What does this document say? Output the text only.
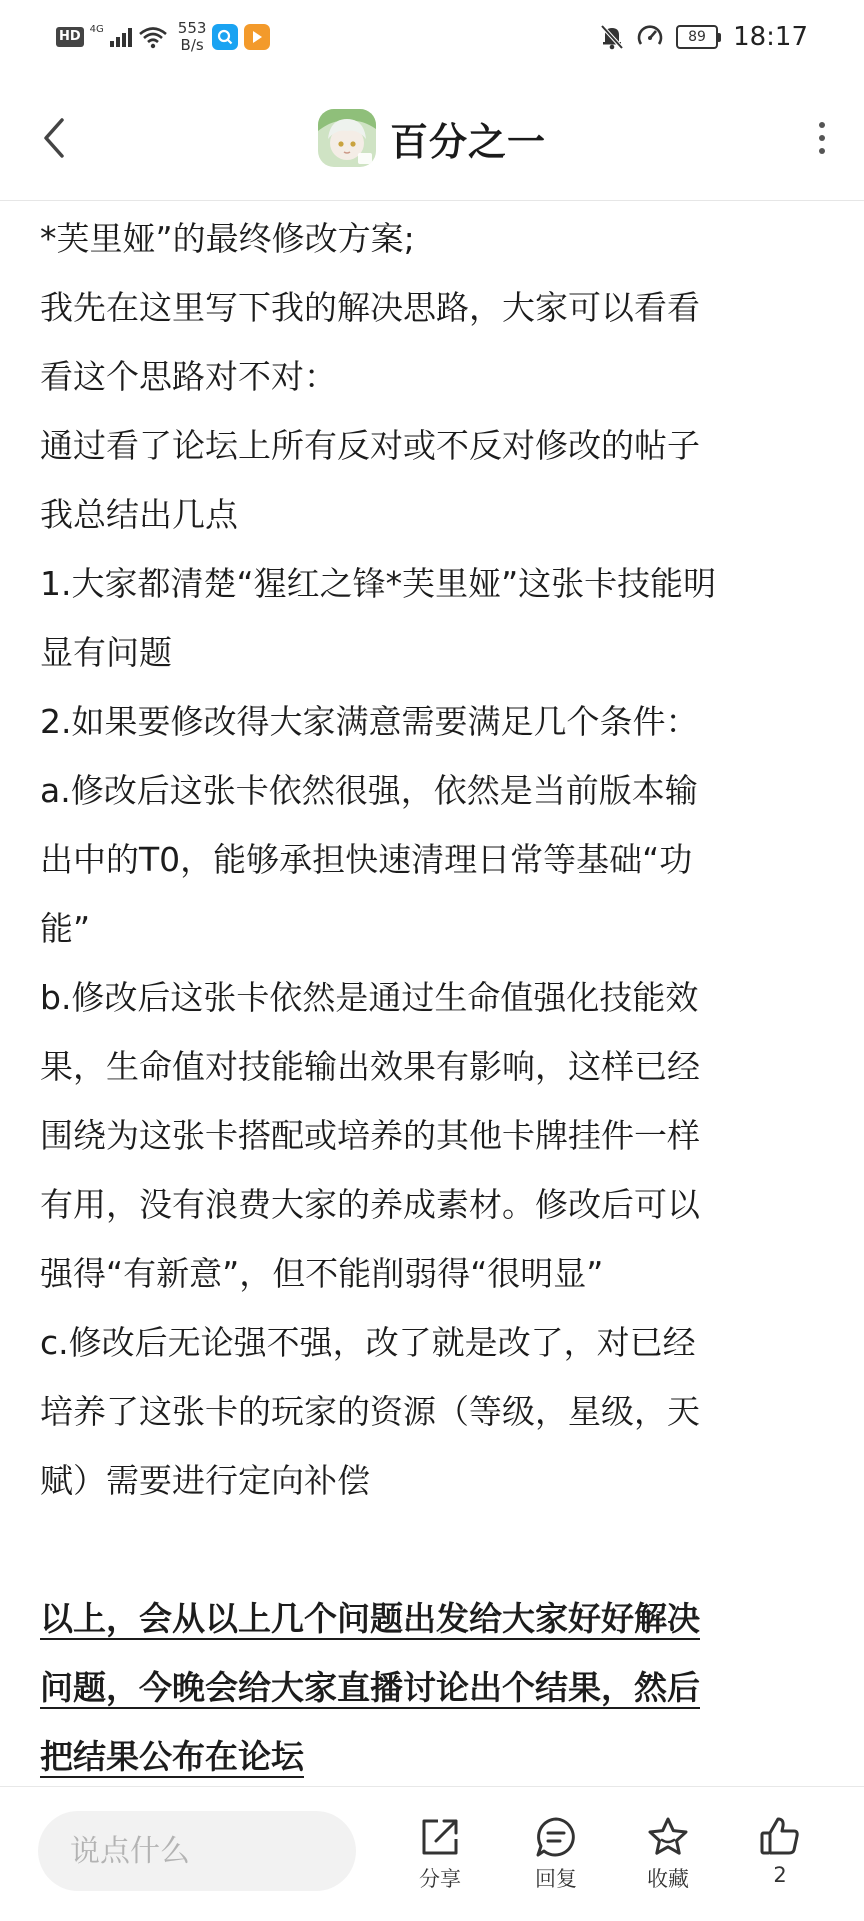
HD 4G	553
B/s	89	18:17
百分之一

*芙里娅”的最终修改方案;

我先在这里写下我的解决思路，大家可以看看

看这个思路对不对：

通过看了论坛上所有反对或不反对修改的帖子

我总结出几点

1.大家都清楚“猩红之锋*芙里娅”这张卡技能明

显有问题

2.如果要修改得大家满意需要满足几个条件：

a.修改后这张卡依然很强，依然是当前版本输

出中的T0，能够承担快速清理日常等基础“功

能”

b.修改后这张卡依然是通过生命值强化技能效

果，生命值对技能输出效果有影响，这样已经

围绕为这张卡搭配或培养的其他卡牌挂件一样

有用，没有浪费大家的养成素材。修改后可以

强得“有新意”，但不能削弱得“很明显”

c.修改后无论强不强，改了就是改了，对已经

培养了这张卡的玩家的资源（等级，星级，天

赋）需要进行定向补偿

以上，会从以上几个问题出发给大家好好解决

问题，今晚会给大家直播讨论出个结果，然后

把结果公布在论坛

说点什么
分享	回复	收藏	2
